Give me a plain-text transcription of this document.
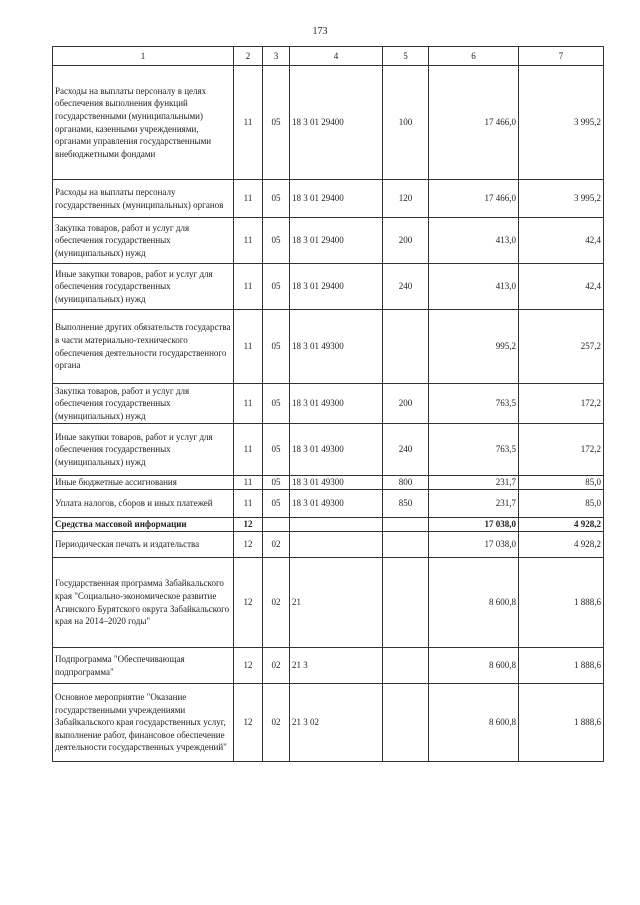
173
1	2	3	4	5	6	7
Расходы на выплаты персоналу в целях обеспечения выполнения функций государственными (муниципальными) органами, казенными учреждениями, органами управления государственными внебюджетными фондами	11	05	18 3 01 29400	100	17 466,0	3 995,2
Расходы на выплаты персоналу государственных (муниципальных) органов	11	05	18 3 01 29400	120	17 466,0	3 995,2
Закупка товаров, работ и услуг для обеспечения государственных (муниципальных) нужд	11	05	18 3 01 29400	200	413,0	42,4
Иные закупки товаров, работ и услуг для обеспечения государственных (муниципальных) нужд	11	05	18 3 01 29400	240	413,0	42,4
Выполнение других обязательств государства в части материально-технического обеспечения деятельности государственного органа	11	05	18 3 01 49300		995,2	257,2
Закупка товаров, работ и услуг для обеспечения государственных (муниципальных) нужд	11	05	18 3 01 49300	200	763,5	172,2
Иные закупки товаров, работ и услуг для обеспечения государственных (муниципальных) нужд	11	05	18 3 01 49300	240	763,5	172,2
Иные бюджетные ассигнования	11	05	18 3 01 49300	800	231,7	85,0
Уплата налогов, сборов и иных платежей	11	05	18 3 01 49300	850	231,7	85,0
Средства массовой информации	12				17 038,0	4 928,2
Периодическая печать и издательства	12	02			17 038,0	4 928,2
Государственная программа Забайкальского края "Социально-экономическое развитие Агинского Бурятского округа Забайкальского края на 2014–2020 годы"	12	02	21		8 600,8	1 888,6
Подпрограмма "Обеспечивающая подпрограмма"	12	02	21 3		8 600,8	1 888,6
Основное мероприятие "Оказание государственными учреждениями Забайкальского края государственных услуг, выполнение работ, финансовое обеспечение деятельности государственных учреждений"	12	02	21 3 02		8 600,8	1 888,6
